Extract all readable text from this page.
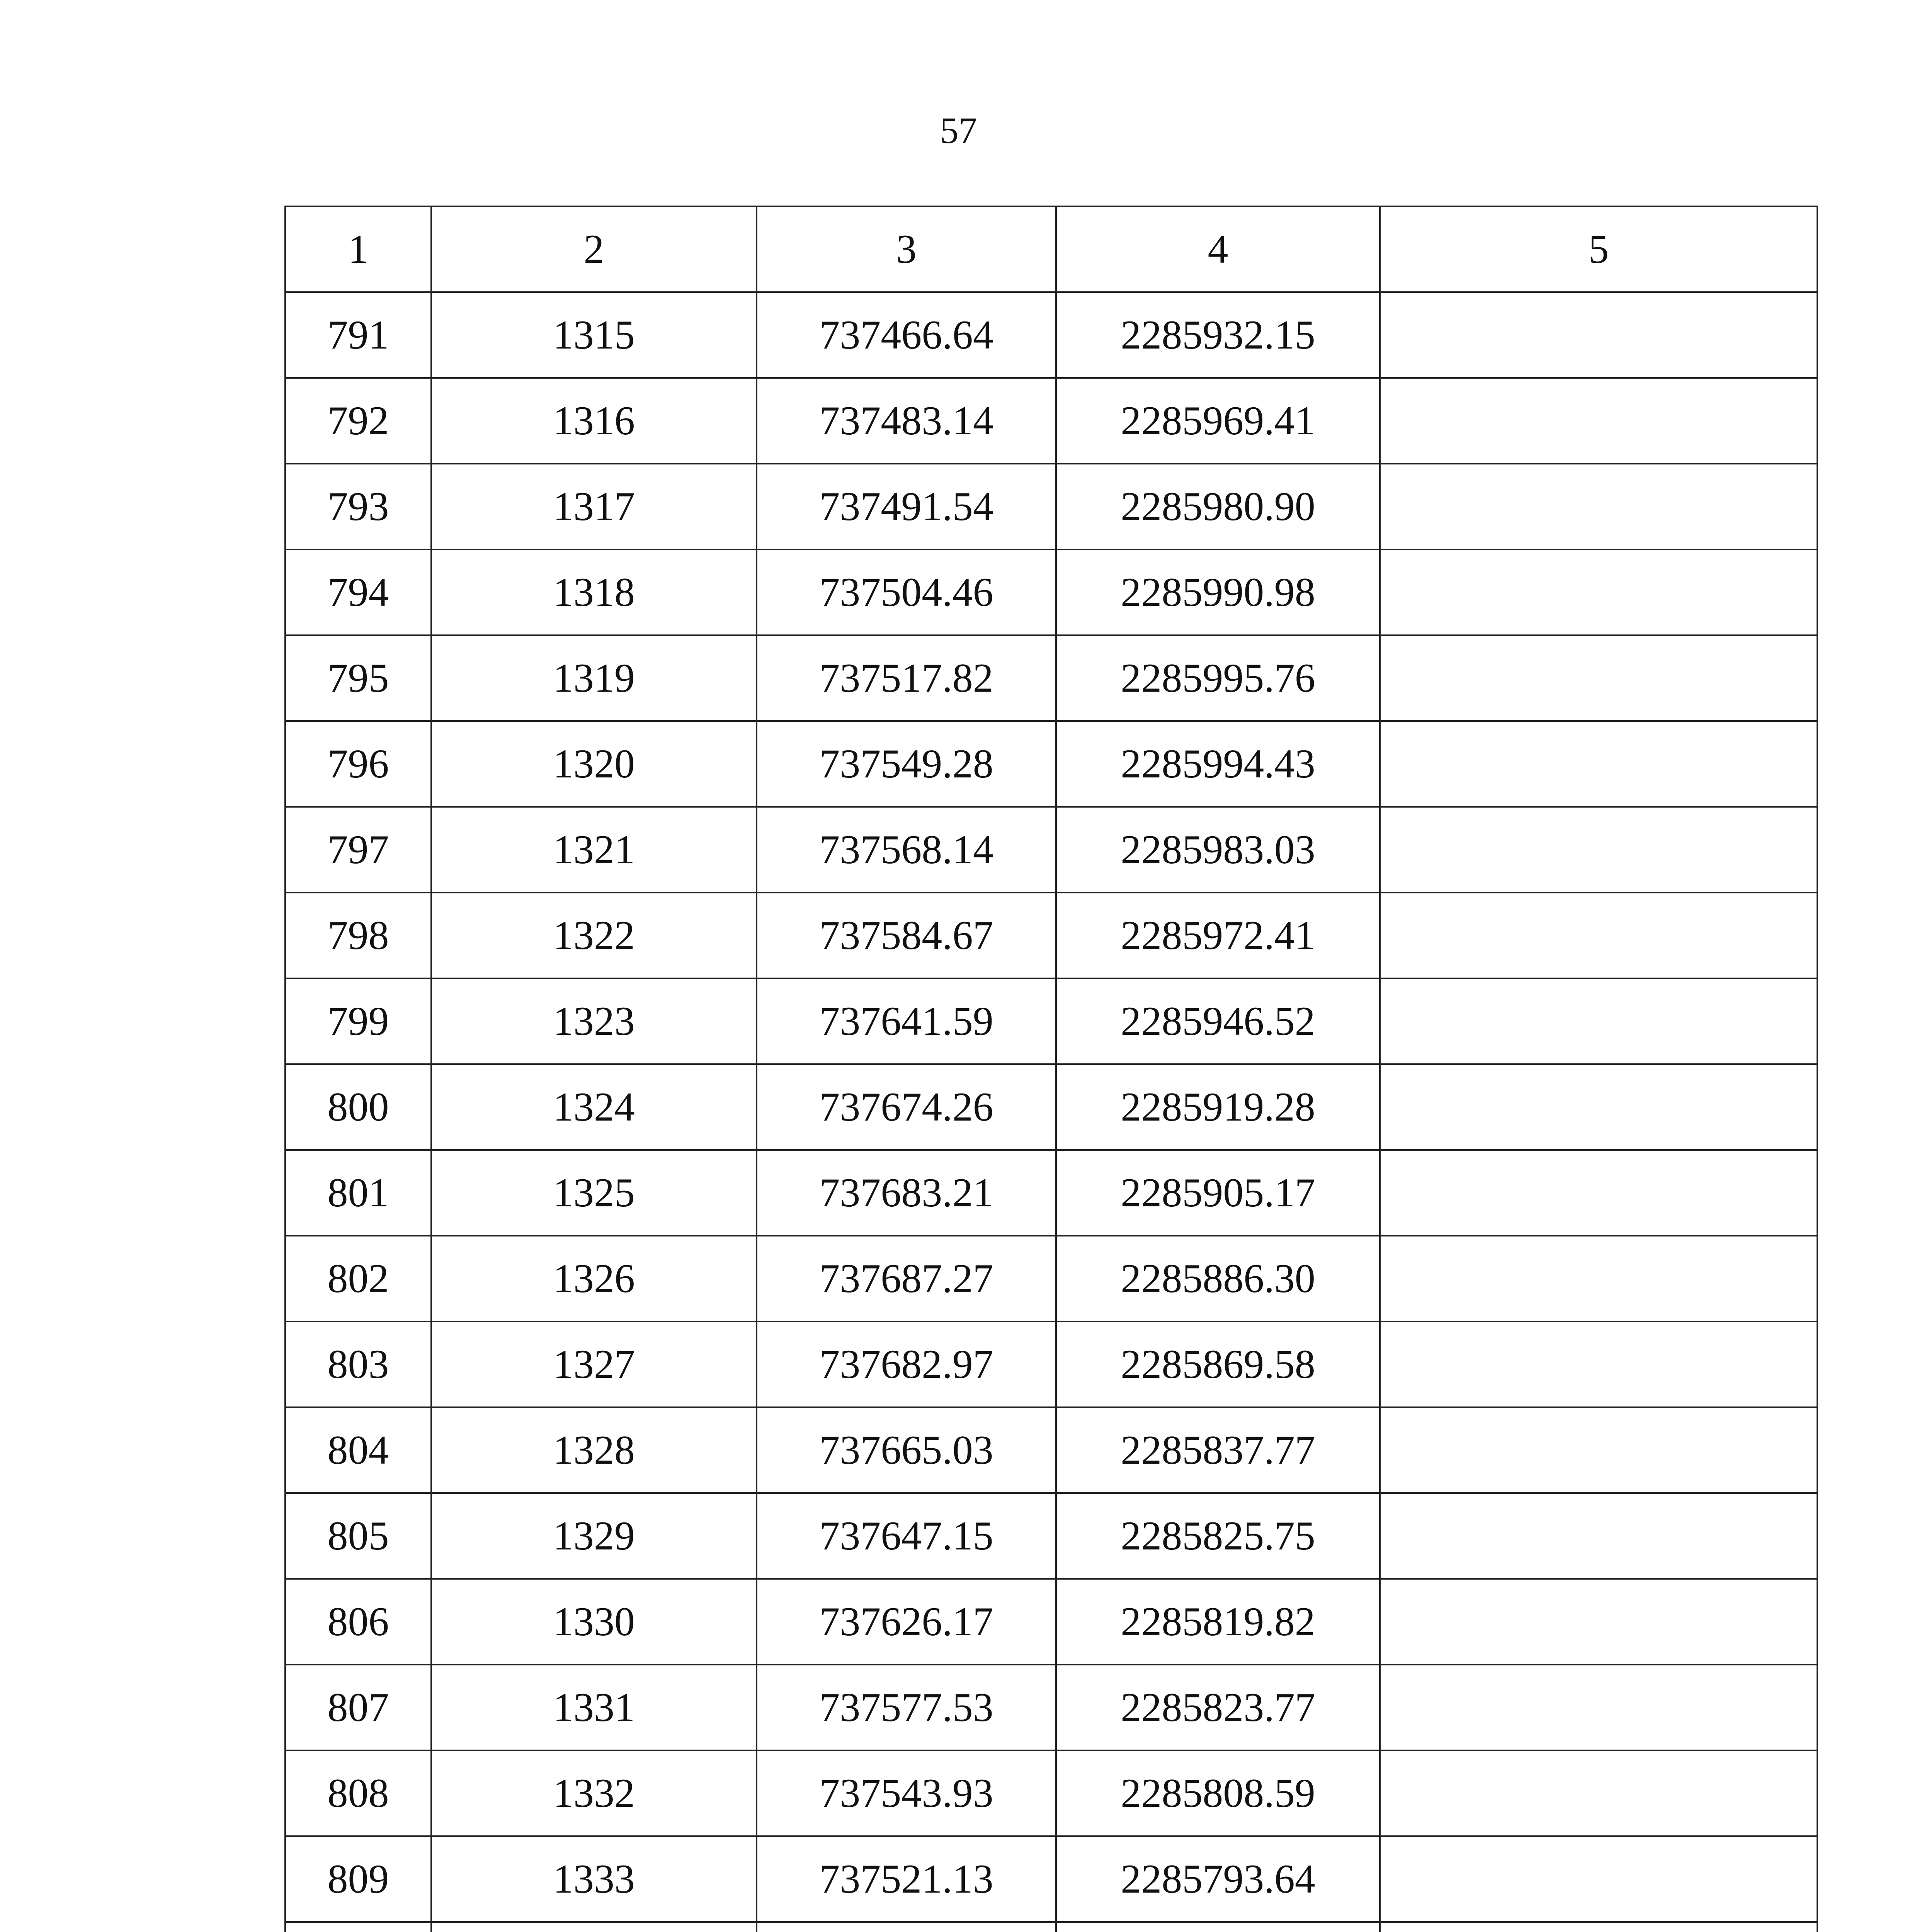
57
1	2	3	4	5
791	1315	737466.64	2285932.15	
792	1316	737483.14	2285969.41	
793	1317	737491.54	2285980.90	
794	1318	737504.46	2285990.98	
795	1319	737517.82	2285995.76	
796	1320	737549.28	2285994.43	
797	1321	737568.14	2285983.03	
798	1322	737584.67	2285972.41	
799	1323	737641.59	2285946.52	
800	1324	737674.26	2285919.28	
801	1325	737683.21	2285905.17	
802	1326	737687.27	2285886.30	
803	1327	737682.97	2285869.58	
804	1328	737665.03	2285837.77	
805	1329	737647.15	2285825.75	
806	1330	737626.17	2285819.82	
807	1331	737577.53	2285823.77	
808	1332	737543.93	2285808.59	
809	1333	737521.13	2285793.64	
